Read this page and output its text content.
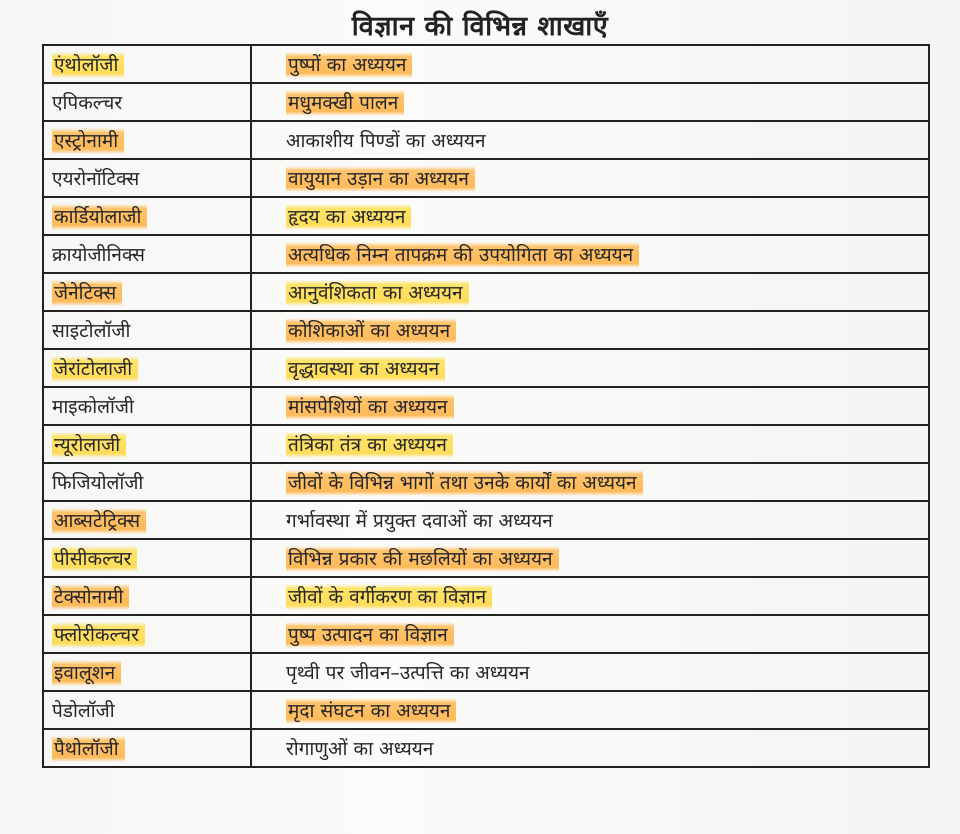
विज्ञान की विभिन्न शाखाएँ
एंथोलॉजी	पुष्पों का अध्ययन
एपिकल्चर	मधुमक्खी पालन
एस्ट्रोनामी	आकाशीय पिण्डों का अध्ययन
एयरोनॉटिक्स	वायुयान उड़ान का अध्ययन
कार्डियोलाजी	हृदय का अध्ययन
क्रायोजीनिक्स	अत्यधिक निम्न तापक्रम की उपयोगिता का अध्ययन
जेनेटिक्स	आनुवंशिकता का अध्ययन
साइटोलॉजी	कोशिकाओं का अध्ययन
जेरांटोलाजी	वृद्धावस्था का अध्ययन
माइकोलॉजी	मांसपेशियों का अध्ययन
न्यूरोलाजी	तंत्रिका तंत्र का अध्ययन
फिजियोलॉजी	जीवों के विभिन्न भागों तथा उनके कार्यों का अध्ययन
आब्सटेट्रिक्स	गर्भावस्था में प्रयुक्त दवाओं का अध्ययन
पीसीकल्चर	विभिन्न प्रकार की मछलियों का अध्ययन
टेक्सोनामी	जीवों के वर्गीकरण का विज्ञान
फ्लोरीकल्चर	पुष्प उत्पादन का विज्ञान
इवालूशन	पृथ्वी पर जीवन–उत्पत्ति का अध्ययन
पेडोलॉजी	मृदा संघटन का अध्ययन
पैथोलॉजी	रोगाणुओं का अध्ययन
